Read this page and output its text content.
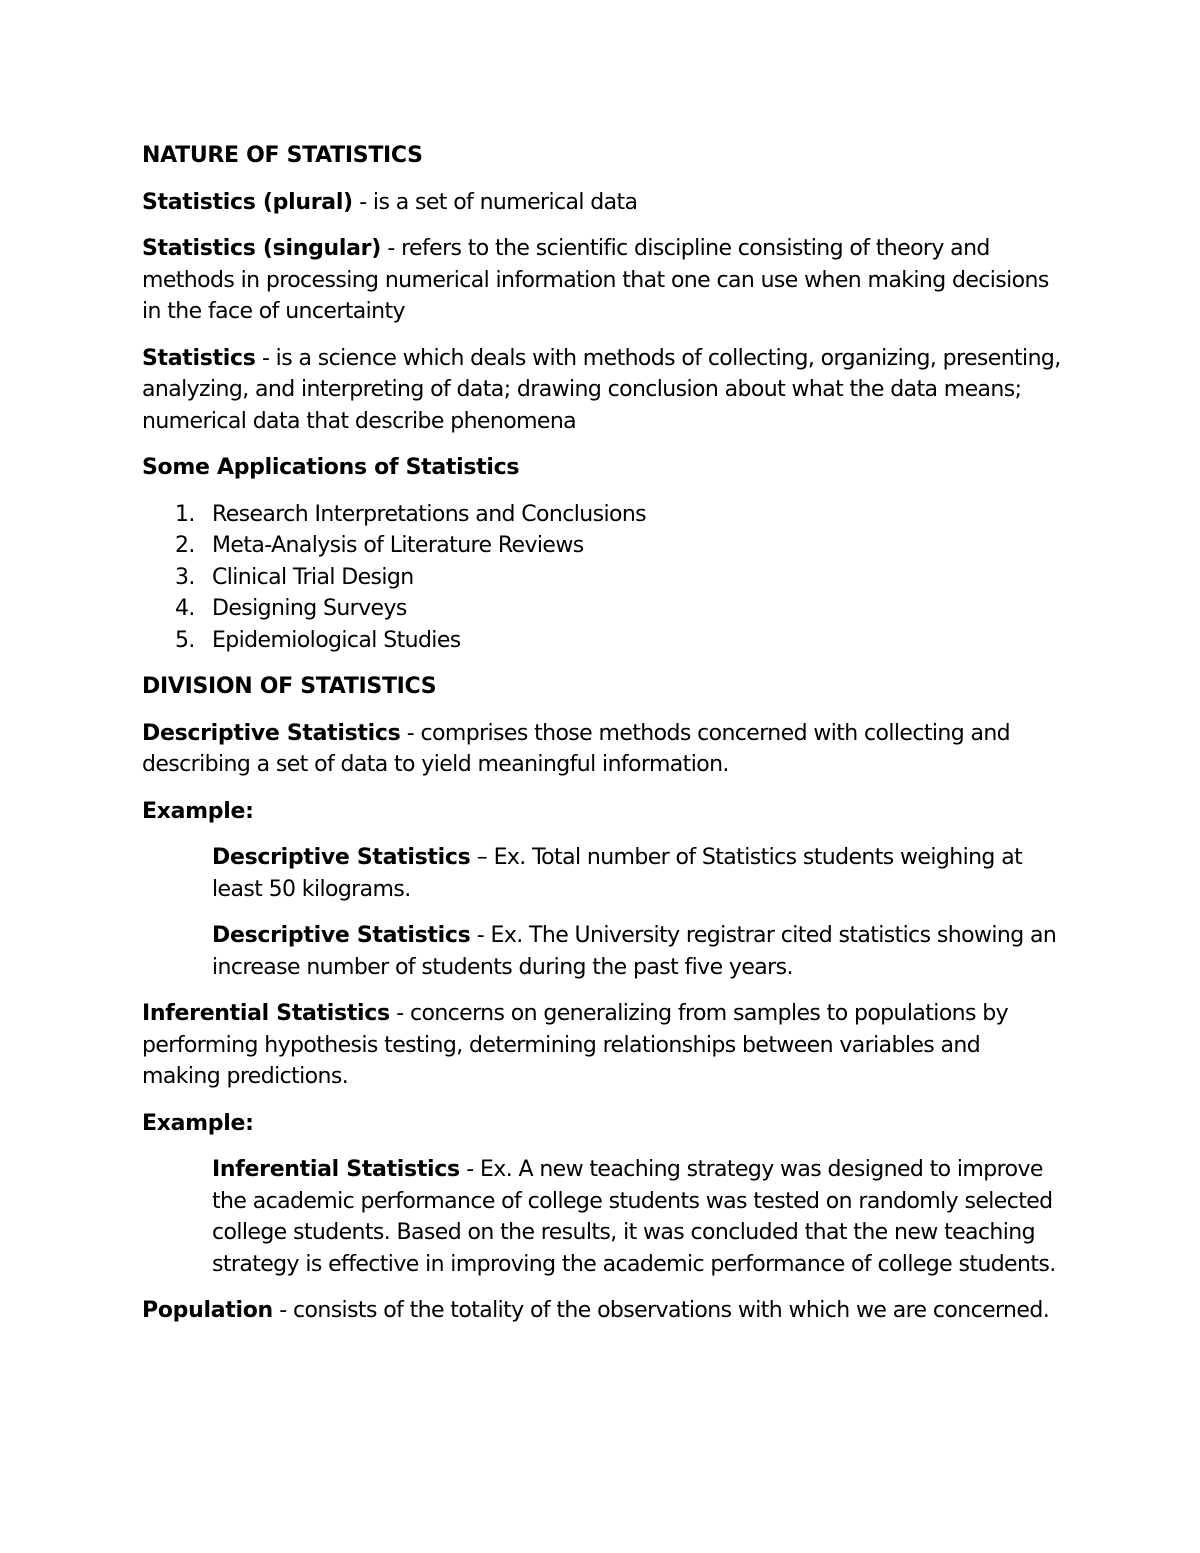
NATURE OF STATISTICS

Statistics (plural) - is a set of numerical data

Statistics (singular) - refers to the scientific discipline consisting of theory and methods in processing numerical information that one can use when making decisions in the face of uncertainty

Statistics - is a science which deals with methods of collecting, organizing, presenting, analyzing, and interpreting of data; drawing conclusion about what the data means; numerical data that describe phenomena

Some Applications of Statistics

1. Research Interpretations and Conclusions
2. Meta-Analysis of Literature Reviews
3. Clinical Trial Design
4. Designing Surveys
5. Epidemiological Studies

DIVISION OF STATISTICS

Descriptive Statistics - comprises those methods concerned with collecting and describing a set of data to yield meaningful information.

Example:

Descriptive Statistics – Ex. Total number of Statistics students weighing at least 50 kilograms.

Descriptive Statistics - Ex. The University registrar cited statistics showing an increase number of students during the past five years.

Inferential Statistics - concerns on generalizing from samples to populations by performing hypothesis testing, determining relationships between variables and making predictions.

Example:

Inferential Statistics - Ex. A new teaching strategy was designed to improve the academic performance of college students was tested on randomly selected college students. Based on the results, it was concluded that the new teaching strategy is effective in improving the academic performance of college students.

Population - consists of the totality of the observations with which we are concerned.
